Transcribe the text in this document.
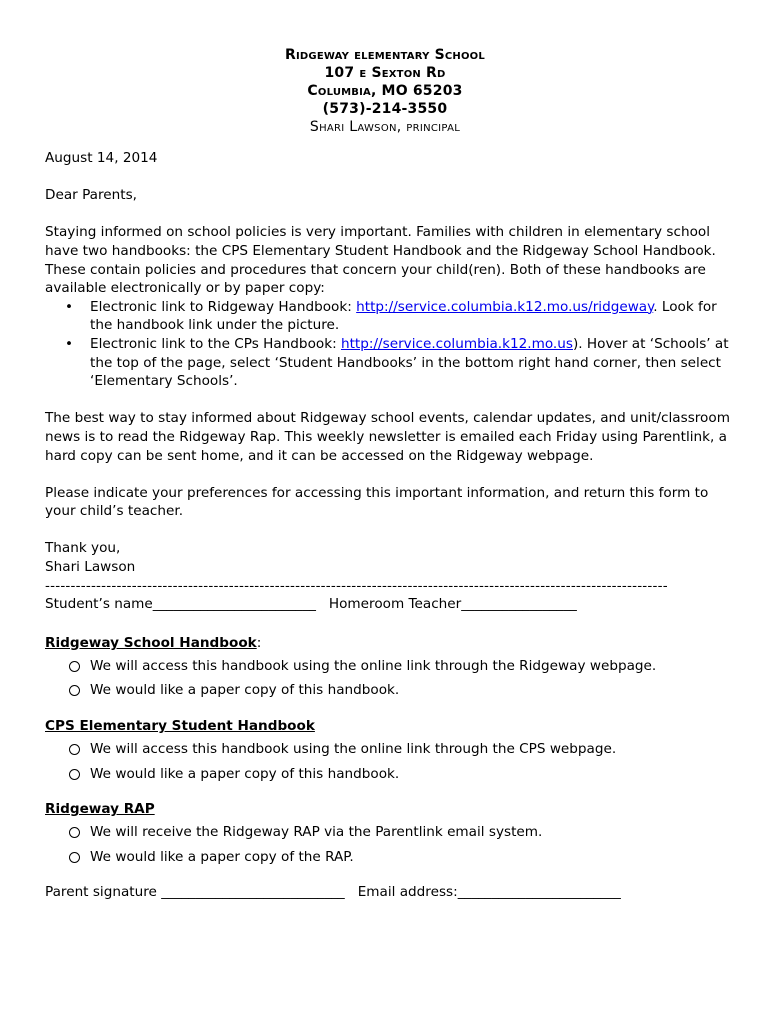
Ridgeway elementary School
107 e Sexton Rd
Columbia, MO 65203
(573)-214-3550
Shari Lawson, principal

August 14, 2014

Dear Parents,

Staying informed on school policies is very important. Families with children in elementary school have two handbooks: the CPS Elementary Student Handbook and the Ridgeway School Handbook. These contain policies and procedures that concern your child(ren). Both of these handbooks are available electronically or by paper copy:

• Electronic link to Ridgeway Handbook: http://service.columbia.k12.mo.us/ridgeway. Look for the handbook link under the picture.
• Electronic link to the CPs Handbook: http://service.columbia.k12.mo.us). Hover at ‘Schools’ at the top of the page, select ‘Student Handbooks’ in the bottom right hand corner, then select ‘Elementary Schools’.

The best way to stay informed about Ridgeway school events, calendar updates, and unit/classroom news is to read the Ridgeway Rap. This weekly newsletter is emailed each Friday using Parentlink, a hard copy can be sent home, and it can be accessed on the Ridgeway webpage.

Please indicate your preferences for accessing this important information, and return this form to your child’s teacher.

Thank you,

Shari Lawson

--------------------------------------------------------------------------------------------------------------------------
Student’s name________________________ Homeroom Teacher_________________
Ridgeway School Handbook:
We will access this handbook using the online link through the Ridgeway webpage.
We would like a paper copy of this handbook.
CPS Elementary Student Handbook
We will access this handbook using the online link through the CPS webpage.
We would like a paper copy of this handbook.
Ridgeway RAP
We will receive the Ridgeway RAP via the Parentlink email system.
We would like a paper copy of the RAP.
Parent signature ___________________________ Email address:________________________
